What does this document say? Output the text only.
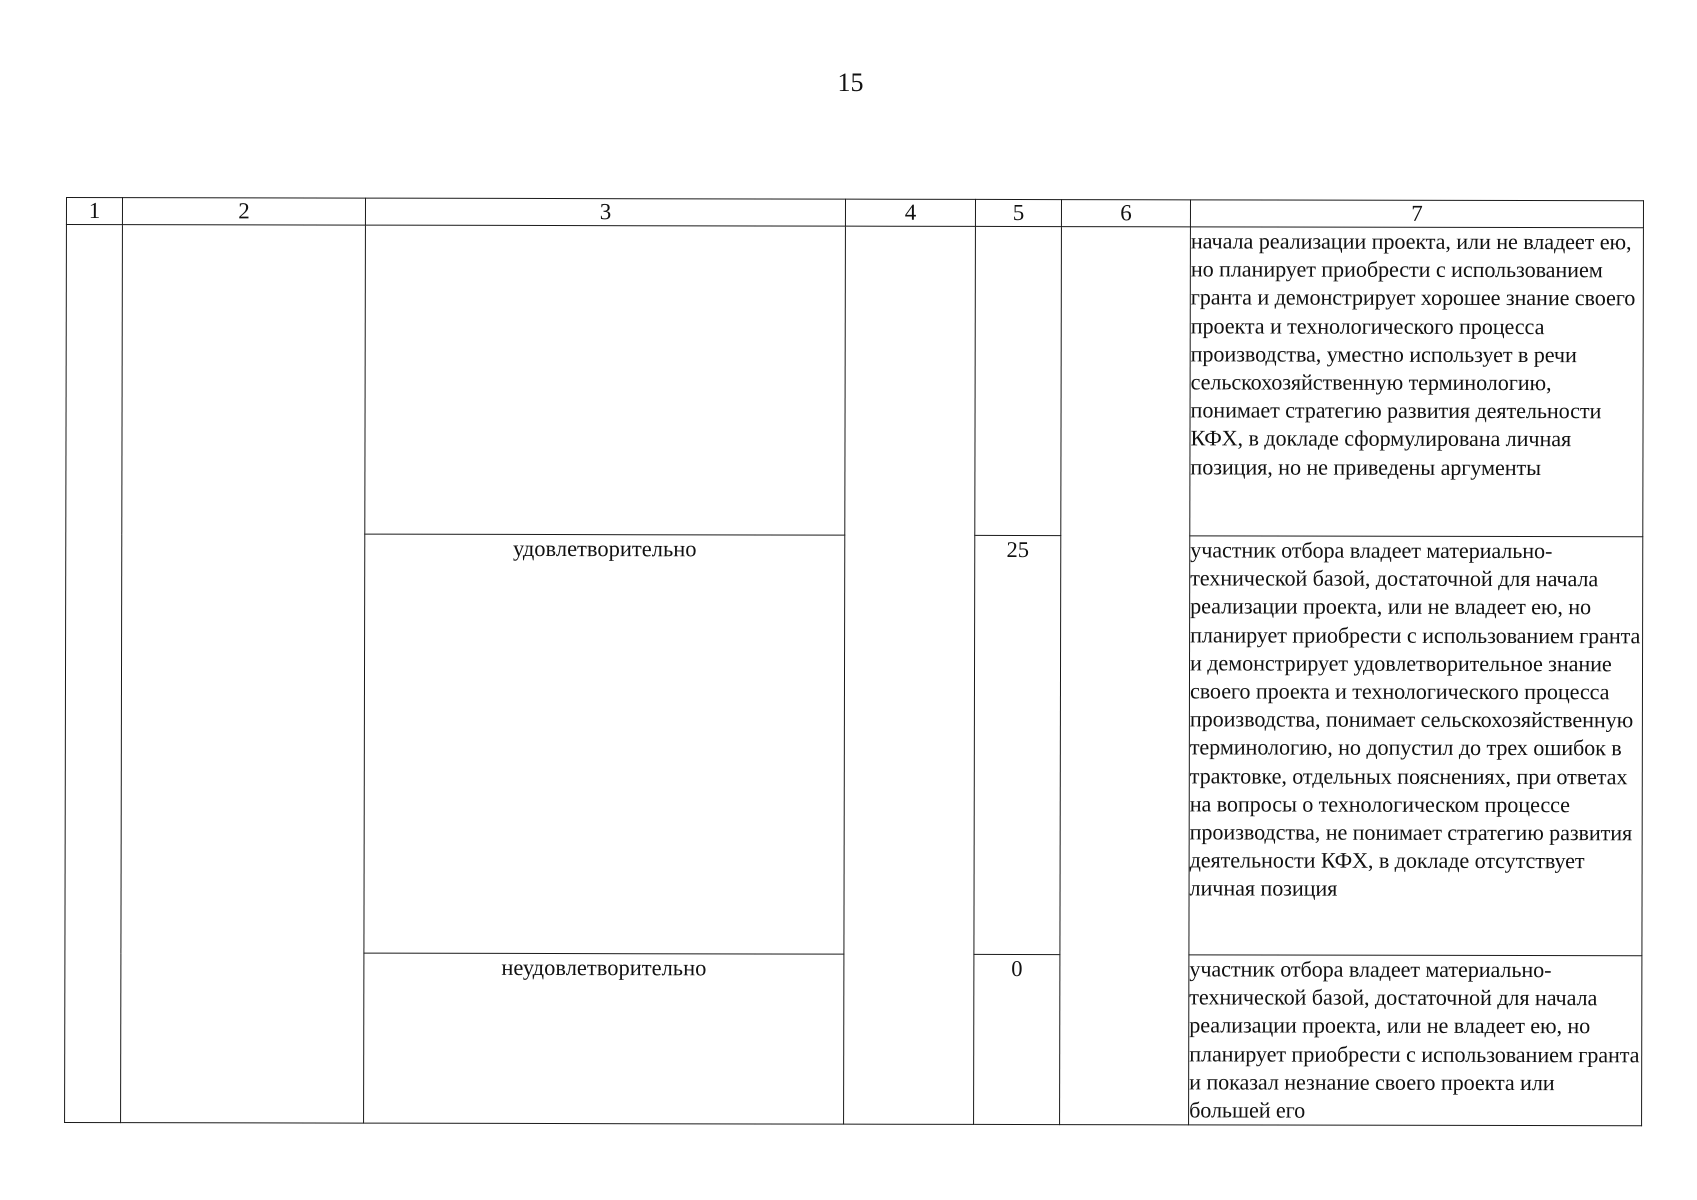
15
1	2	3	4	5	6	7
						начала реализации проекта, или не владеет ею, но планирует приобрести с использованием гранта и демонстрирует хорошее знание своего проекта и технологического процесса производства, уместно использует в речи сельскохозяйственную терминологию, понимает стратегию развития деятельности КФХ, в докладе сформулирована личная позиция, но не приведены аргументы
		удовлетворительно		25		участник отбора владеет материально-технической базой, достаточной для начала реализации проекта, или не владеет ею, но планирует приобрести с использованием гранта и демонстрирует удовлетворительное знание своего проекта и технологического процесса производства, понимает сельскохозяйственную терминологию, но допустил до трех ошибок в трактовке, отдельных пояснениях, при ответах на вопросы о технологическом процессе производства, не понимает стратегию развития деятельности КФХ, в докладе отсутствует личная позиция
		неудовлетворительно		0		участник отбора владеет материально-технической базой, достаточной для начала реализации проекта, или не владеет ею, но планирует приобрести с использованием гранта и показал незнание своего проекта или большей его
